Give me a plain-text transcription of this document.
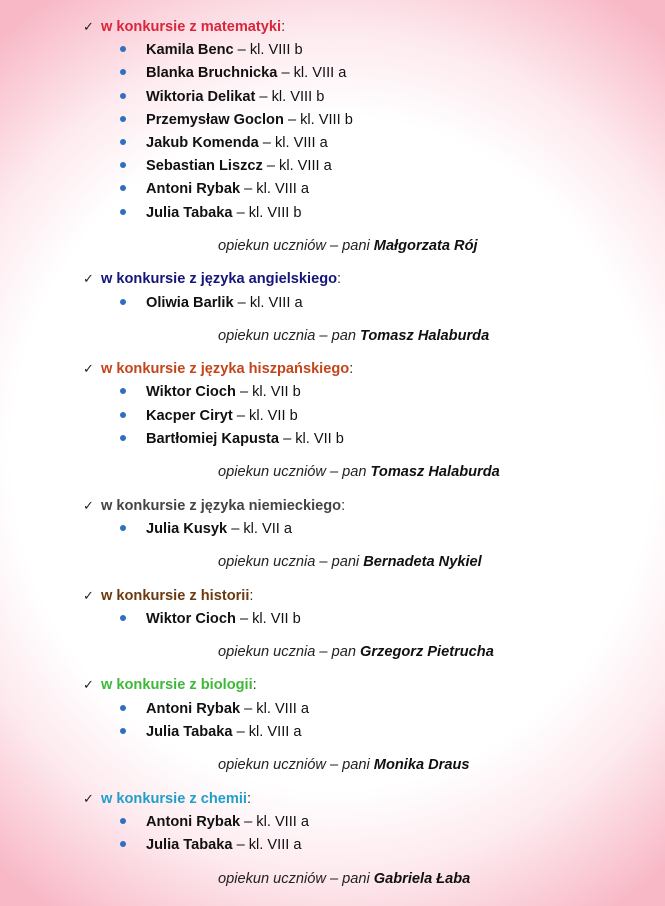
✓ w konkursie z matematyki:
Kamila Benc – kl. VIII b
Blanka Bruchnicka – kl. VIII a
Wiktoria Delikat – kl. VIII b
Przemysław Goclon – kl. VIII b
Jakub Komenda – kl. VIII a
Sebastian Liszcz – kl. VIII a
Antoni Rybak – kl. VIII a
Julia Tabaka – kl. VIII b
opiekun uczniów – pani Małgorzata Rój
✓ w konkursie z języka angielskiego:
Oliwia Barlik – kl. VIII a
opiekun ucznia – pan Tomasz Halaburda
✓ w konkursie z języka hiszpańskiego:
Wiktor Cioch – kl. VII b
Kacper Ciryt – kl. VII b
Bartłomiej Kapusta – kl. VII b
opiekun uczniów – pan Tomasz Halaburda
✓ w konkursie z języka niemieckiego:
Julia Kusyk – kl. VII a
opiekun ucznia – pani Bernadeta Nykiel
✓ w konkursie z historii:
Wiktor Cioch – kl. VII b
opiekun ucznia – pan Grzegorz Pietrucha
✓ w konkursie z biologii:
Antoni Rybak – kl. VIII a
Julia Tabaka – kl. VIII a
opiekun uczniów – pani Monika Draus
✓ w konkursie z chemii:
Antoni Rybak – kl. VIII a
Julia Tabaka – kl. VIII a
opiekun uczniów – pani Gabriela Łaba
